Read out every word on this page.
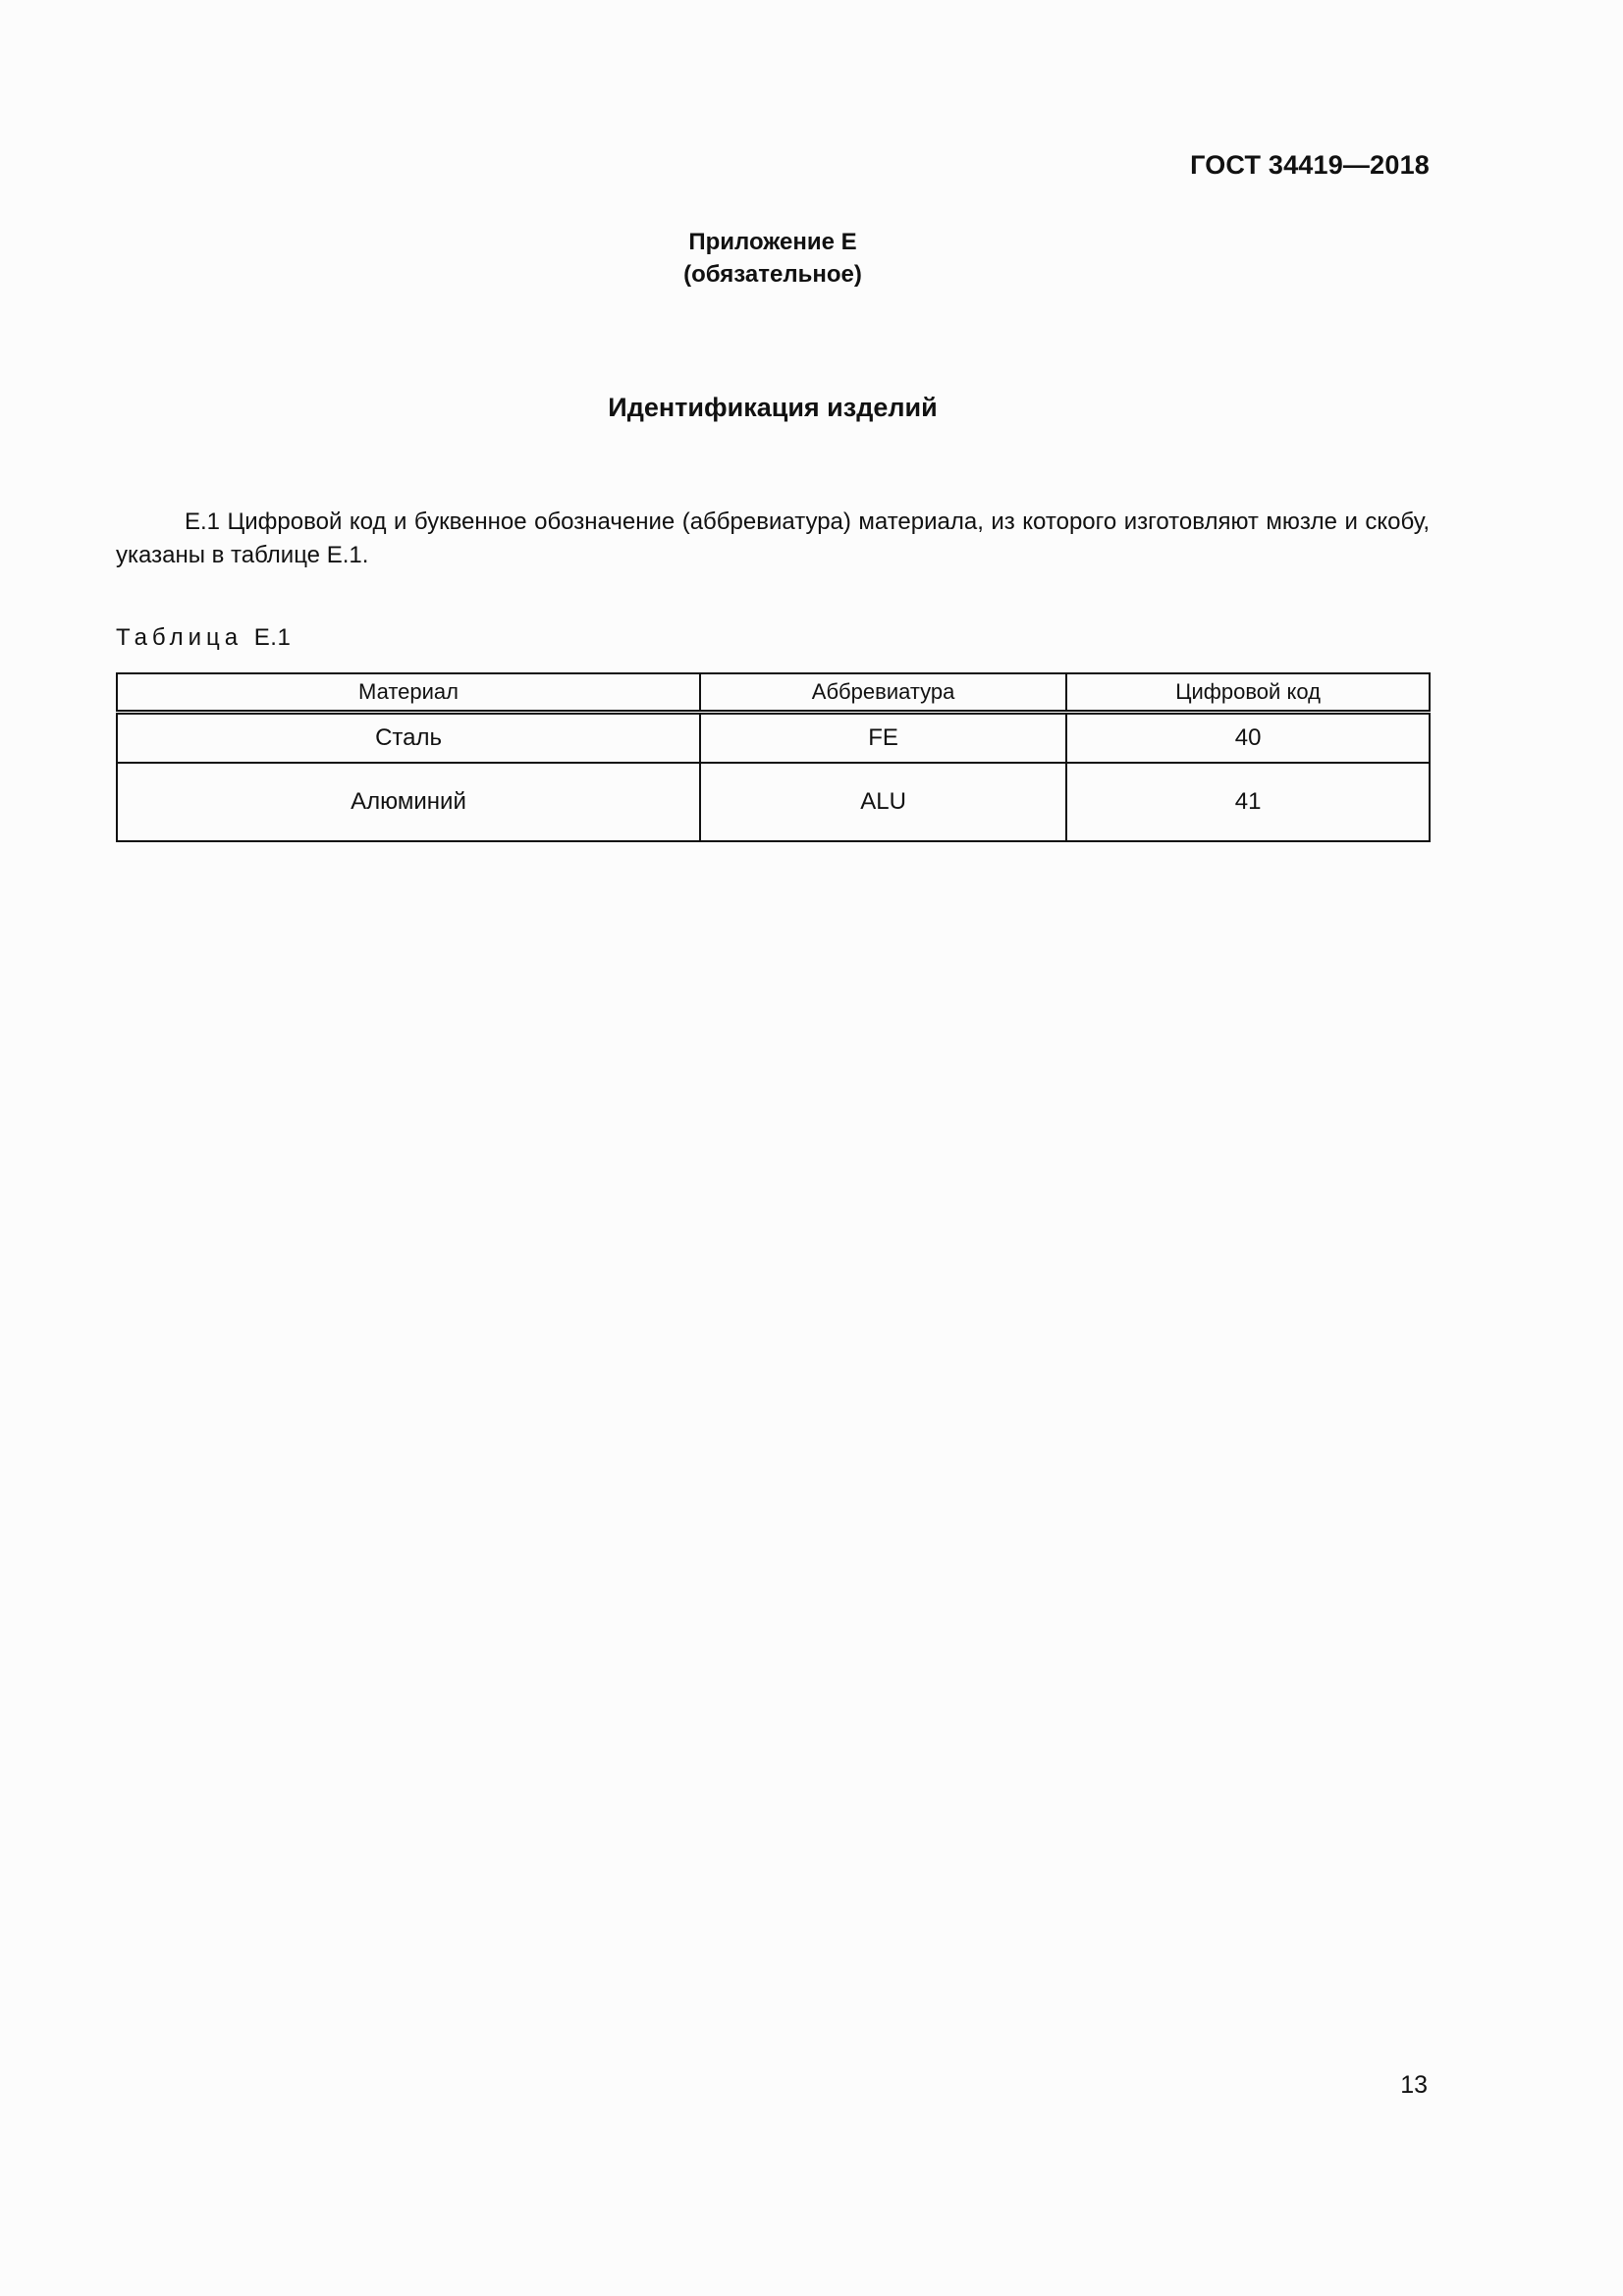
ГОСТ 34419—2018
Приложение Е
(обязательное)
Идентификация изделий
Е.1 Цифровой код и буквенное обозначение (аббревиатура) материала, из которого изготовляют мюзле и скобу, указаны в таблице Е.1.
Таблица Е.1
Материал	Аббревиатура	Цифровой код
Сталь	FE	40
Алюминий	ALU	41
13
